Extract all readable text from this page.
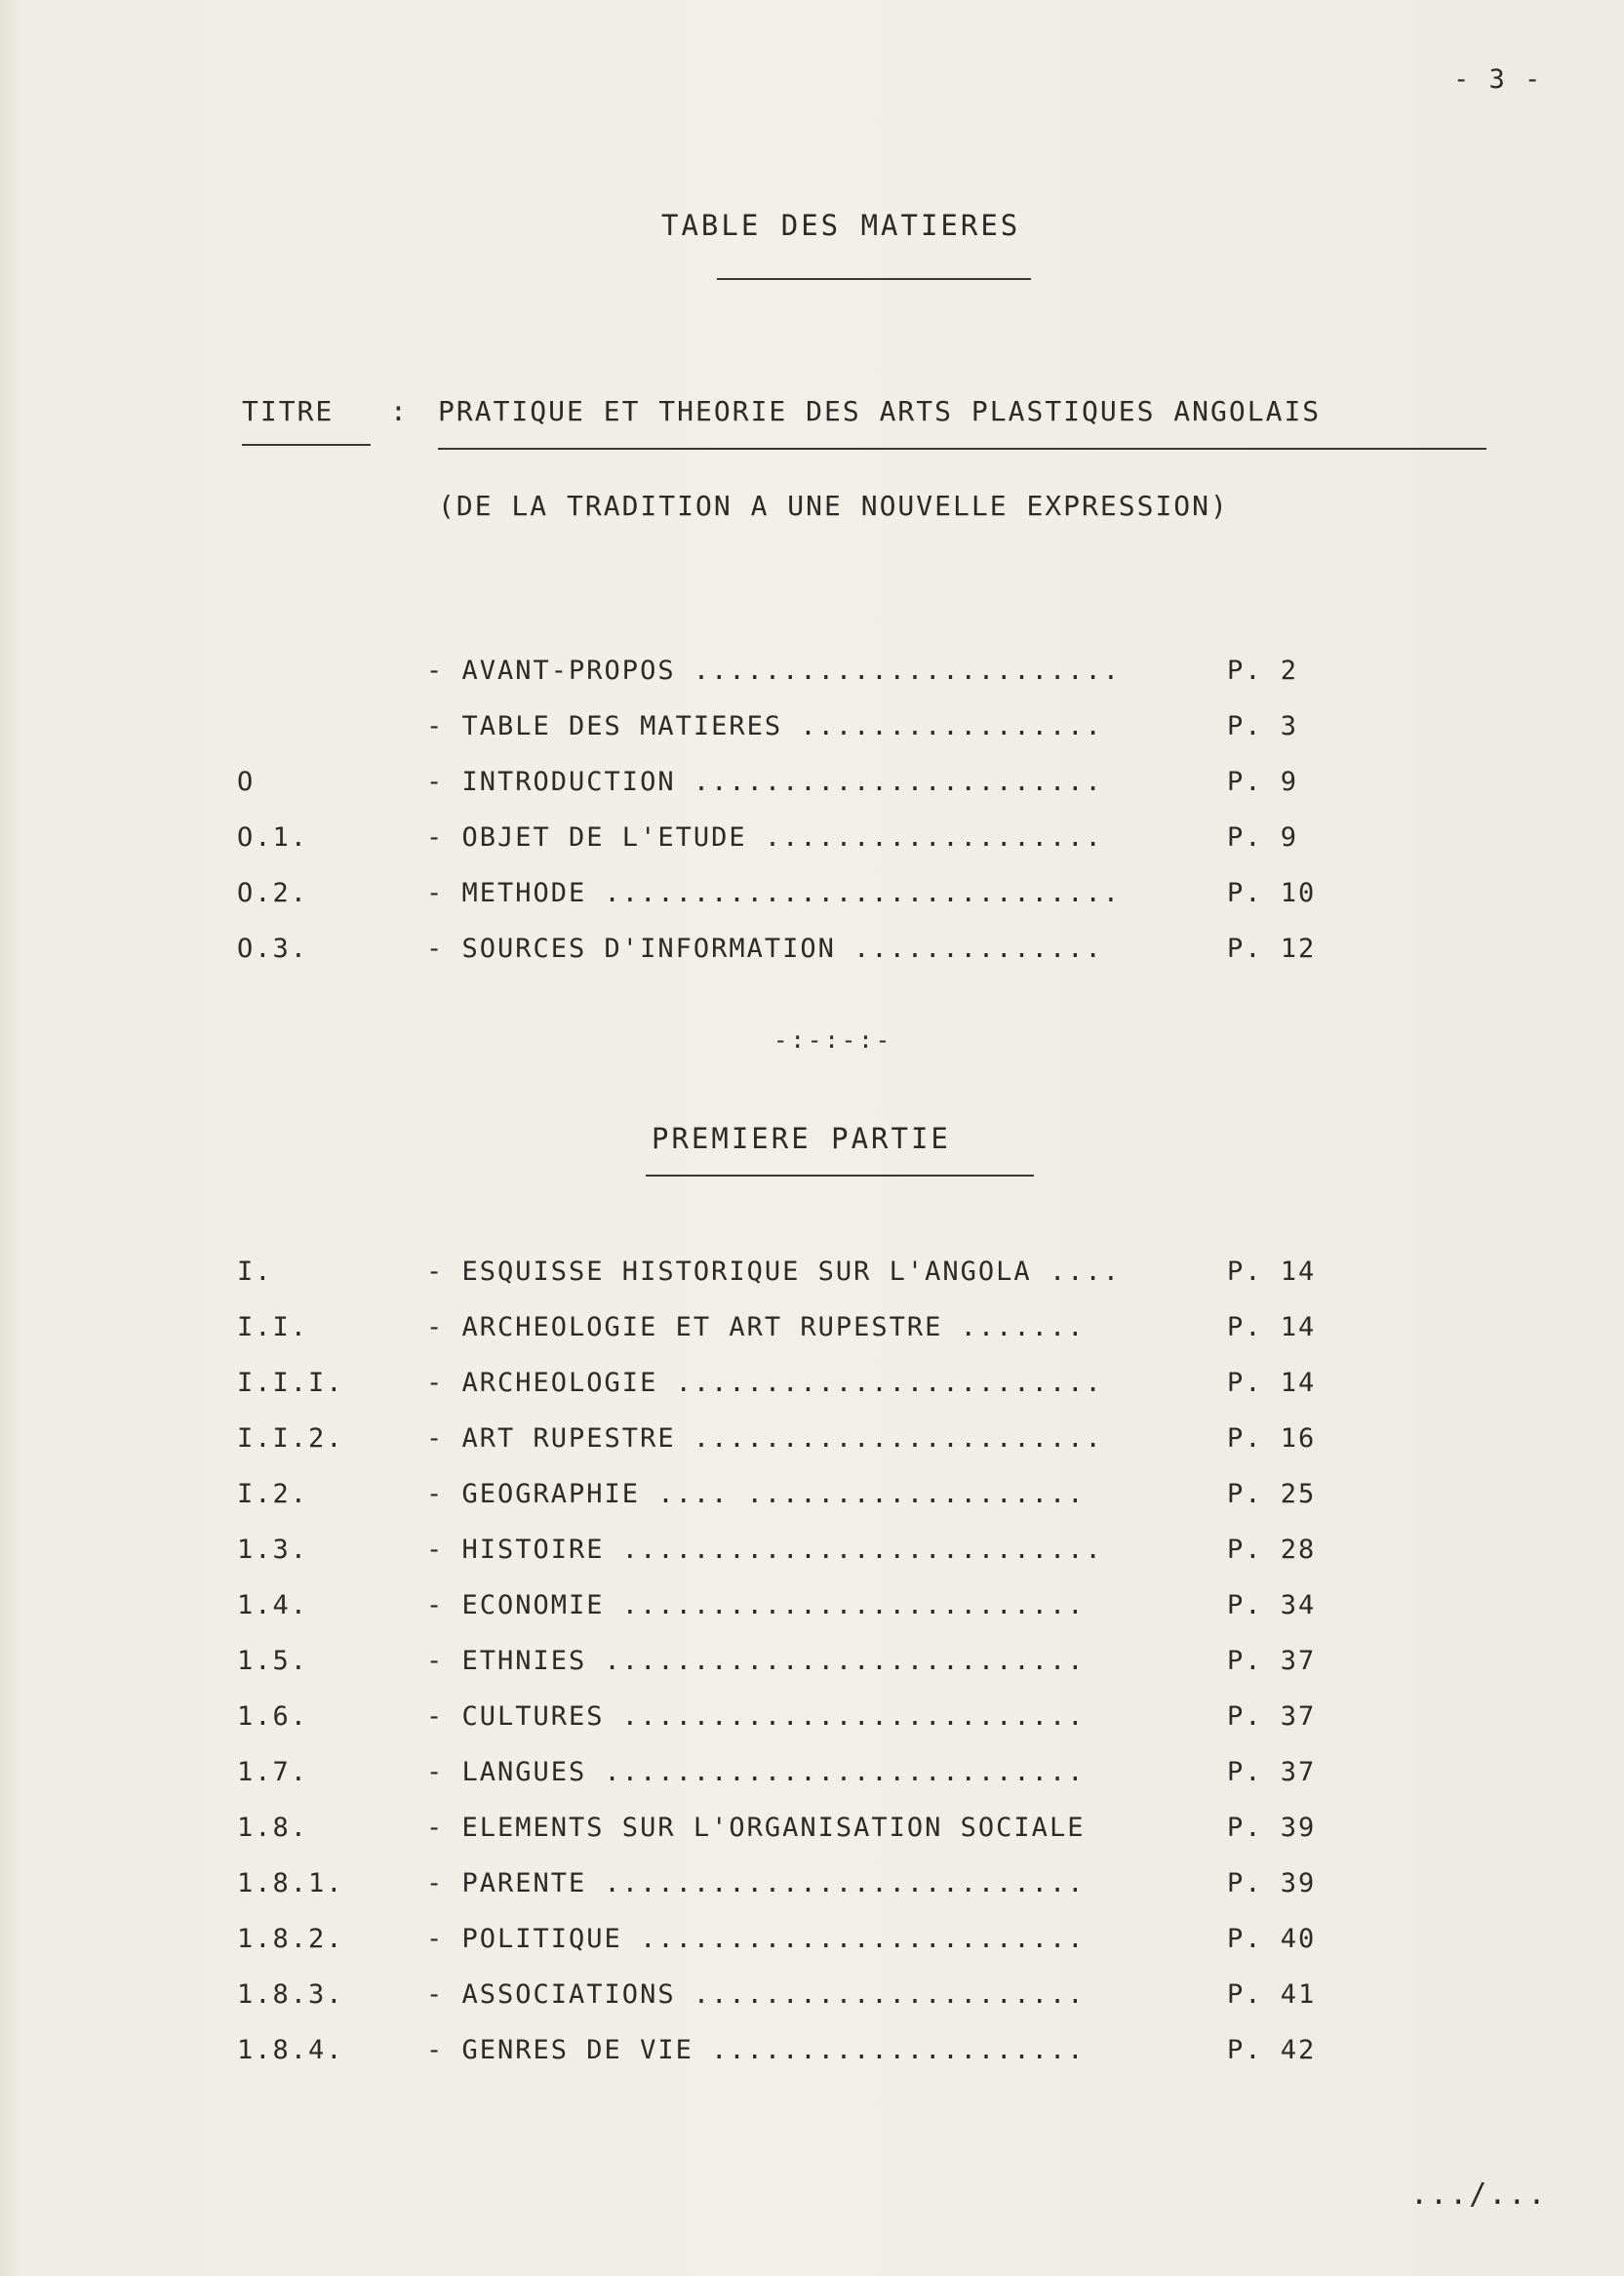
- 3 -
TABLE DES MATIERES
TITRE : PRATIQUE ET THEORIE DES ARTS PLASTIQUES ANGOLAIS
(DE LA TRADITION A UNE NOUVELLE EXPRESSION)
- AVANT-PROPOS ........................	P. 2
- TABLE DES MATIERES .................	P. 3
O	- INTRODUCTION .......................	P. 9
O.1.	- OBJET DE L'ETUDE ...................	P. 9
O.2.	- METHODE .............................	P. 10
O.3.	- SOURCES D'INFORMATION ..............	P. 12
-:-:-:-
PREMIERE PARTIE
I.	- ESQUISSE HISTORIQUE SUR L'ANGOLA ....	P. 14
I.I.	- ARCHEOLOGIE ET ART RUPESTRE .......	P. 14
I.I.I.	- ARCHEOLOGIE ........................	P. 14
I.I.2.	- ART RUPESTRE .......................	P. 16
I.2.	- GEOGRAPHIE .... ...................	P. 25
1.3.	- HISTOIRE ...........................	P. 28
1.4.	- ECONOMIE ..........................	P. 34
1.5.	- ETHNIES ...........................	P. 37
1.6.	- CULTURES ..........................	P. 37
1.7.	- LANGUES ...........................	P. 37
1.8.	- ELEMENTS SUR L'ORGANISATION SOCIALE	P. 39
1.8.1.	- PARENTE ...........................	P. 39
1.8.2.	- POLITIQUE .........................	P. 40
1.8.3.	- ASSOCIATIONS ......................	P. 41
1.8.4.	- GENRES DE VIE .....................	P. 42
.../...
